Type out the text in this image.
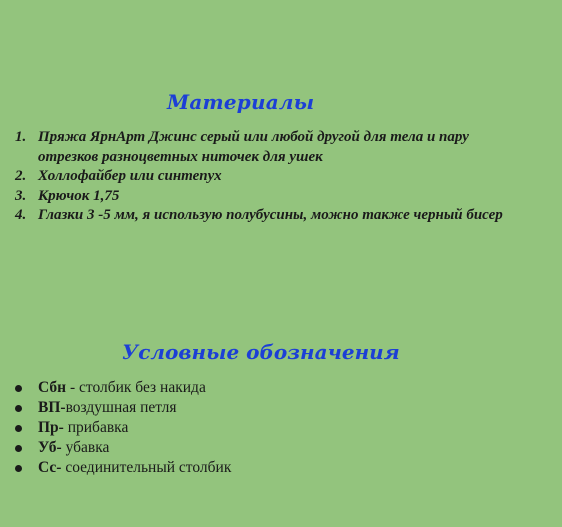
Материалы
1. Пряжа ЯрнАрт Джинс серый или любой другой для тела и пару отрезков разноцветных ниточек для ушек
2. Холлофайбер или синтепух
3. Крючок 1,75
4. Глазки 3 -5 мм, я использую полубусины, можно также черный бисер
Условные обозначения
Сбн - столбик без накида
ВП-воздушная петля
Пр- прибавка
Уб- убавка
Сс- соединительный столбик
